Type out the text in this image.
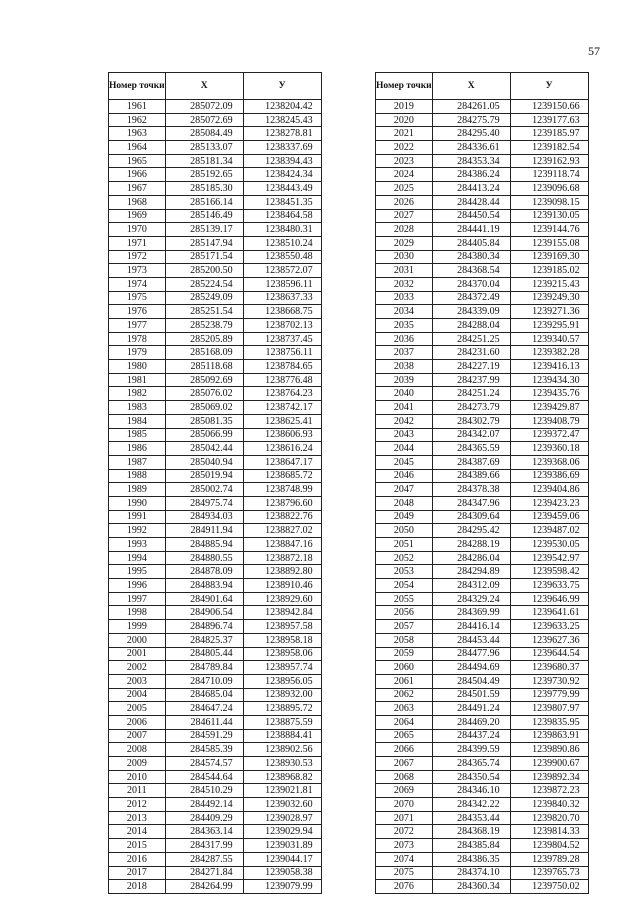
57
Номер точки	X	У
1961	285072.09	1238204.42
1962	285072.69	1238245.43
1963	285084.49	1238278.81
1964	285133.07	1238337.69
1965	285181.34	1238394.43
1966	285192.65	1238424.34
1967	285185.30	1238443.49
1968	285166.14	1238451.35
1969	285146.49	1238464.58
1970	285139.17	1238480.31
1971	285147.94	1238510.24
1972	285171.54	1238550.48
1973	285200.50	1238572.07
1974	285224.54	1238596.11
1975	285249.09	1238637.33
1976	285251.54	1238668.75
1977	285238.79	1238702.13
1978	285205.89	1238737.45
1979	285168.09	1238756.11
1980	285118.68	1238784.65
1981	285092.69	1238776.48
1982	285076.02	1238764.23
1983	285069.02	1238742.17
1984	285081.35	1238625.41
1985	285066.99	1238606.93
1986	285042.44	1238616.24
1987	285040.94	1238647.17
1988	285019.94	1238685.72
1989	285002.74	1238748.99
1990	284975.74	1238796.60
1991	284934.03	1238822.76
1992	284911.94	1238827.02
1993	284885.94	1238847.16
1994	284880.55	1238872.18
1995	284878.09	1238892.80
1996	284883.94	1238910.46
1997	284901.64	1238929.60
1998	284906.54	1238942.84
1999	284896.74	1238957.58
2000	284825.37	1238958.18
2001	284805.44	1238958.06
2002	284789.84	1238957.74
2003	284710.09	1238956.05
2004	284685.04	1238932.00
2005	284647.24	1238895.72
2006	284611.44	1238875.59
2007	284591.29	1238884.41
2008	284585.39	1238902.56
2009	284574.57	1238930.53
2010	284544.64	1238968.82
2011	284510.29	1239021.81
2012	284492.14	1239032.60
2013	284409.29	1239028.97
2014	284363.14	1239029.94
2015	284317.99	1239031.89
2016	284287.55	1239044.17
2017	284271.84	1239058.38
2018	284264.99	1239079.99
Номер точки	X	У
2019	284261.05	1239150.66
2020	284275.79	1239177.63
2021	284295.40	1239185.97
2022	284336.61	1239182.54
2023	284353.34	1239162.93
2024	284386.24	1239118.74
2025	284413.24	1239096.68
2026	284428.44	1239098.15
2027	284450.54	1239130.05
2028	284441.19	1239144.76
2029	284405.84	1239155.08
2030	284380.34	1239169.30
2031	284368.54	1239185.02
2032	284370.04	1239215.43
2033	284372.49	1239249.30
2034	284339.09	1239271.36
2035	284288.04	1239295.91
2036	284251.25	1239340.57
2037	284231.60	1239382.28
2038	284227.19	1239416.13
2039	284237.99	1239434.30
2040	284251.24	1239435.76
2041	284273.79	1239429.87
2042	284302.79	1239408.79
2043	284342.07	1239372.47
2044	284365.59	1239360.18
2045	284387.69	1239368.06
2046	284389.66	1239386.69
2047	284378.38	1239404.86
2048	284347.96	1239423.23
2049	284309.64	1239459.06
2050	284295.42	1239487.02
2051	284288.19	1239530.05
2052	284286.04	1239542.97
2053	284294.89	1239598.42
2054	284312.09	1239633.75
2055	284329.24	1239646.99
2056	284369.99	1239641.61
2057	284416.14	1239633.25
2058	284453.44	1239627.36
2059	284477.96	1239644.54
2060	284494.69	1239680.37
2061	284504.49	1239730.92
2062	284501.59	1239779.99
2063	284491.24	1239807.97
2064	284469.20	1239835.95
2065	284437.24	1239863.91
2066	284399.59	1239890.86
2067	284365.74	1239900.67
2068	284350.54	1239892.34
2069	284346.10	1239872.23
2070	284342.22	1239840.32
2071	284353.44	1239820.70
2072	284368.19	1239814.33
2073	284385.84	1239804.52
2074	284386.35	1239789.28
2075	284374.10	1239765.73
2076	284360.34	1239750.02
